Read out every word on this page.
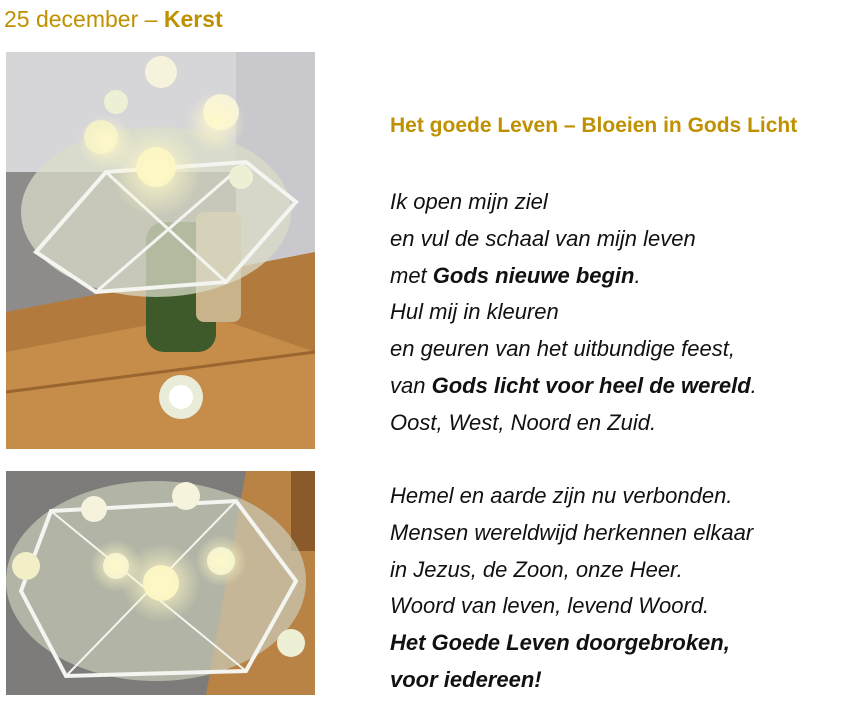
25 december – Kerst
Het goede Leven – Bloeien in Gods Licht
Ik open mijn ziel
en vul de schaal van mijn leven
met Gods nieuwe begin.
Hul mij in kleuren
en geuren van het uitbundige feest,
van Gods licht voor heel de wereld.
Oost, West, Noord en Zuid.
Hemel en aarde zijn nu verbonden.
Mensen wereldwijd herkennen elkaar
in Jezus, de Zoon, onze Heer.
Woord van leven, levend Woord.
Het Goede Leven doorgebroken,
voor iedereen!
